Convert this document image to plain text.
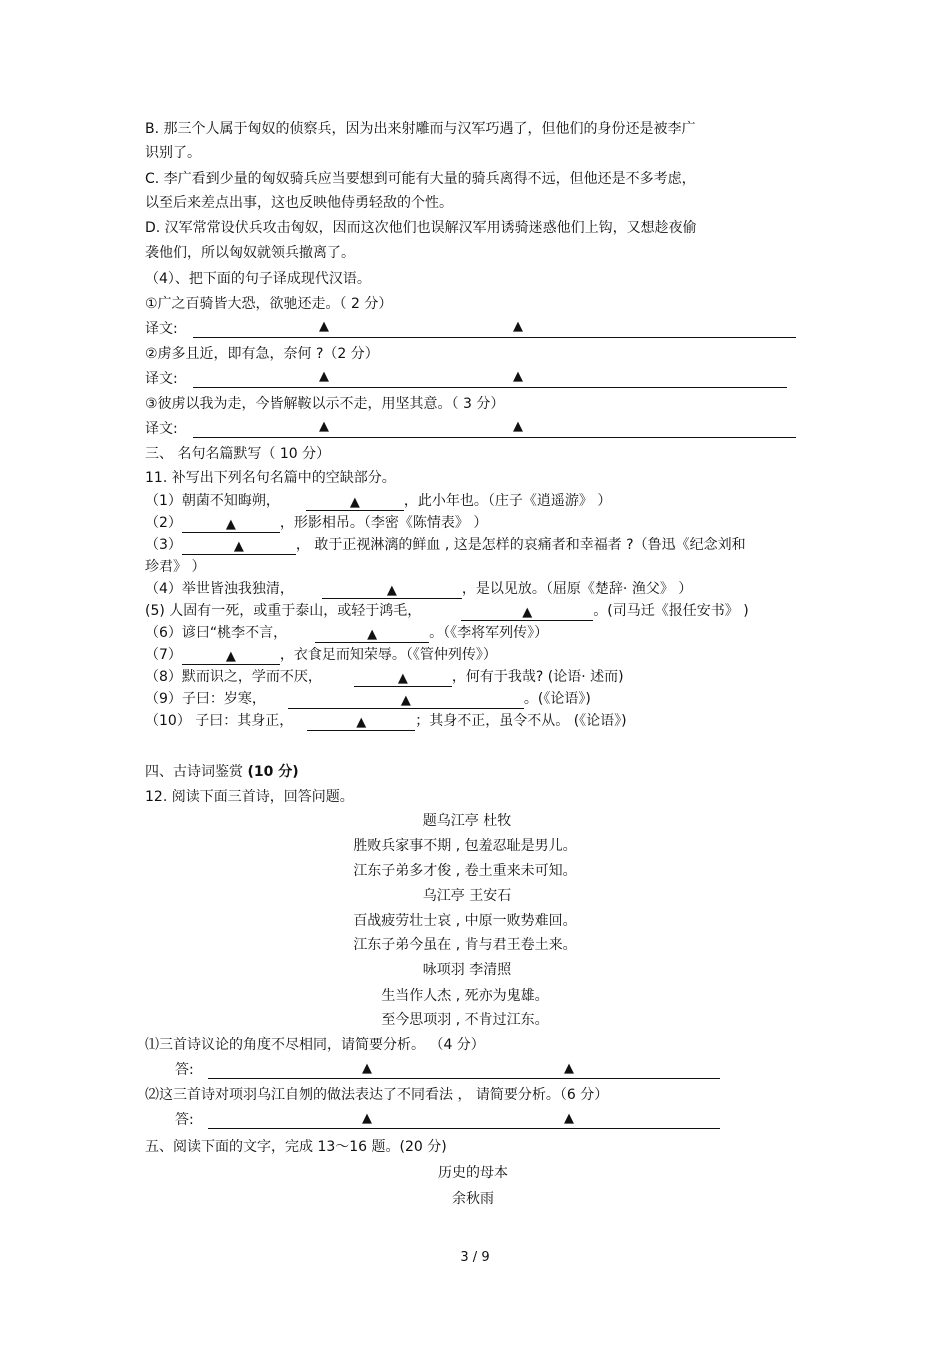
B. 那三个人属于匈奴的侦察兵，因为出来射雕而与汉军巧遇了，但他们的身份还是被李广
识别了。
C. 李广看到少量的匈奴骑兵应当要想到可能有大量的骑兵离得不远，但他还是不多考虑，
以至后来差点出事，这也反映他侍勇轻敌的个性。
D. 汉军常常设伏兵攻击匈奴，因而这次他们也误解汉军用诱骑迷惑他们上钩，又想趁夜偷
袭他们，所以匈奴就领兵撤离了。
（4）、把下面的句子译成现代汉语。
①广之百骑皆大恐，欲驰还走。（ 2 分）
译文:	▲	▲
②虏多且近，即有急，奈何 ?（2 分）
译文:	▲	▲
③彼虏以我为走，今皆解鞍以示不走，用坚其意。（ 3 分）
译文:	▲	▲
三、 名句名篇默写（ 10 分）
11. 补写出下列名句名篇中的空缺部分。
（1）朝菌不知晦朔，	▲	，此小年也。（庄子《逍遥游》 ）
（2）	▲	，形影相吊。（李密《陈情表》 ）
（3）	▲	， 敢于正视淋漓的鲜血 , 这是怎样的哀痛者和幸福者 ?（鲁迅《纪念刘和
珍君》 ）
（4）举世皆浊我独清，	▲	，是以见放。（屈原《楚辞· 渔父》 ）
(5) 人固有一死，或重于泰山，或轻于鸿毛，	▲	。(司马迁《报任安书》 )
（6）谚曰“桃李不言，	▲	。（《李将军列传》）
（7）	▲	，衣食足而知荣辱。（《管仲列传》）
（8）默而识之，学而不厌，	▲	，何有于我哉? (论语· 述而)
（9）子曰：岁寒，	▲	。(《论语》)
（10） 子曰：其身正，	▲	；其身不正，虽令不从。 (《论语》)
四、古诗词鉴赏 (10 分)
12. 阅读下面三首诗，回答问题。
题乌江亭 杜牧
胜败兵家事不期 , 包羞忍耻是男儿。
江东子弟多才俊 , 卷土重来未可知。
乌江亭 王安石
百战疲劳壮士哀 , 中原一败势难回。
江东子弟今虽在 , 肯与君王卷土来。
咏项羽 李清照
生当作人杰 , 死亦为鬼雄。
至今思项羽 , 不肯过江东。
⑴三首诗议论的角度不尽相同，请简要分析。 （4 分）
答:	▲	▲
⑵这三首诗对项羽乌江自刎的做法表达了不同看法 ， 请简要分析。（6 分）
答:	▲	▲
五、阅读下面的文字，完成 13～16 题。(20 分)
历史的母本
余秋雨
3 / 9
